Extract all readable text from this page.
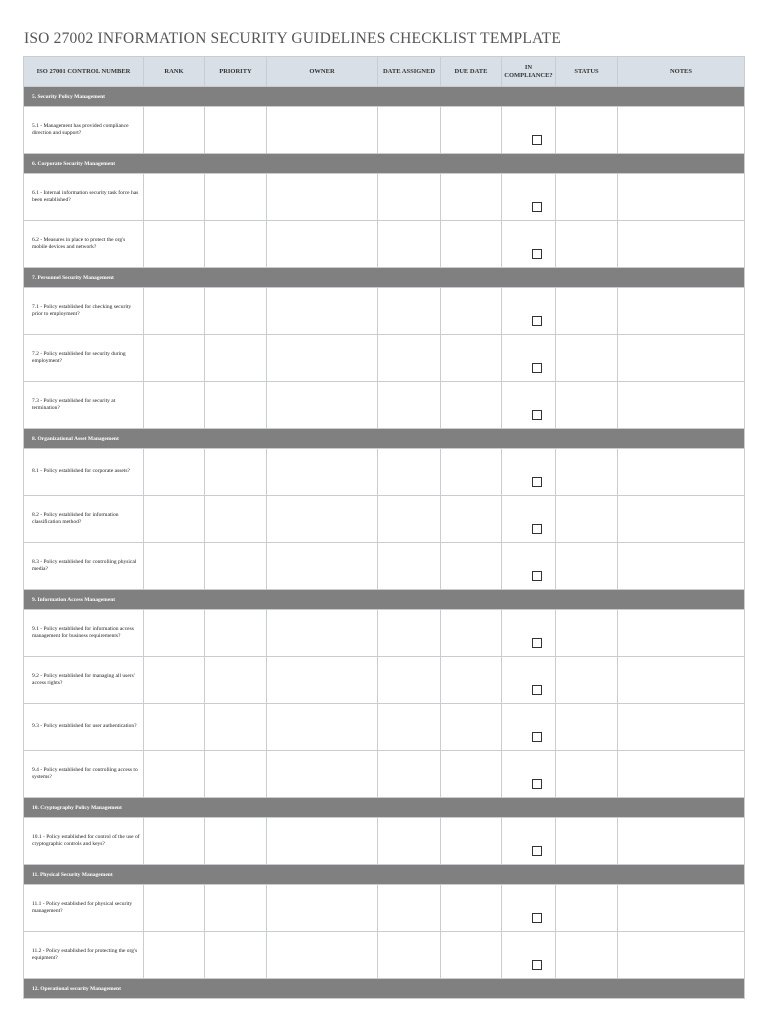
ISO 27002 INFORMATION SECURITY GUIDELINES CHECKLIST TEMPLATE
ISO 27001 CONTROL NUMBER	RANK	PRIORITY	OWNER	DATE ASSIGNED	DUE DATE	IN
COMPLIANCE?	STATUS	NOTES
5. Security Policy Management								
5.1 - Management has provided compliance direction and support?						

6. Corporate Security Management								
6.1 - Internal information security task force has been established?						

6.2 - Measures in place to protect the org's mobile devices and network?						

7. Personnel Security Management								
7.1 - Policy established for checking security prior to employment?						

7.2 - Policy established for security during employment?						

7.3 - Policy established for security at termination?						

8. Organizational Asset Management								
8.1 - Policy established for corporate assets?						

8.2 - Policy established for information classification method?						

8.3 - Policy established for controlling physical media?						

9. Information Access Management								
9.1 - Policy established for information access management for business requirements?						

9.2 - Policy established for managing all users' access rights?						

9.3 - Policy established for user authentication?						

9.4 - Policy established for controlling access to systems?						

10. Cryptography Policy Management								
10.1 - Policy established for control of the use of cryptographic controls and keys?						

11. Physical Security Management								
11.1 - Policy established for physical security management?						

11.2 - Policy established for protecting the org's equipment?						

12. Operational security Management								
